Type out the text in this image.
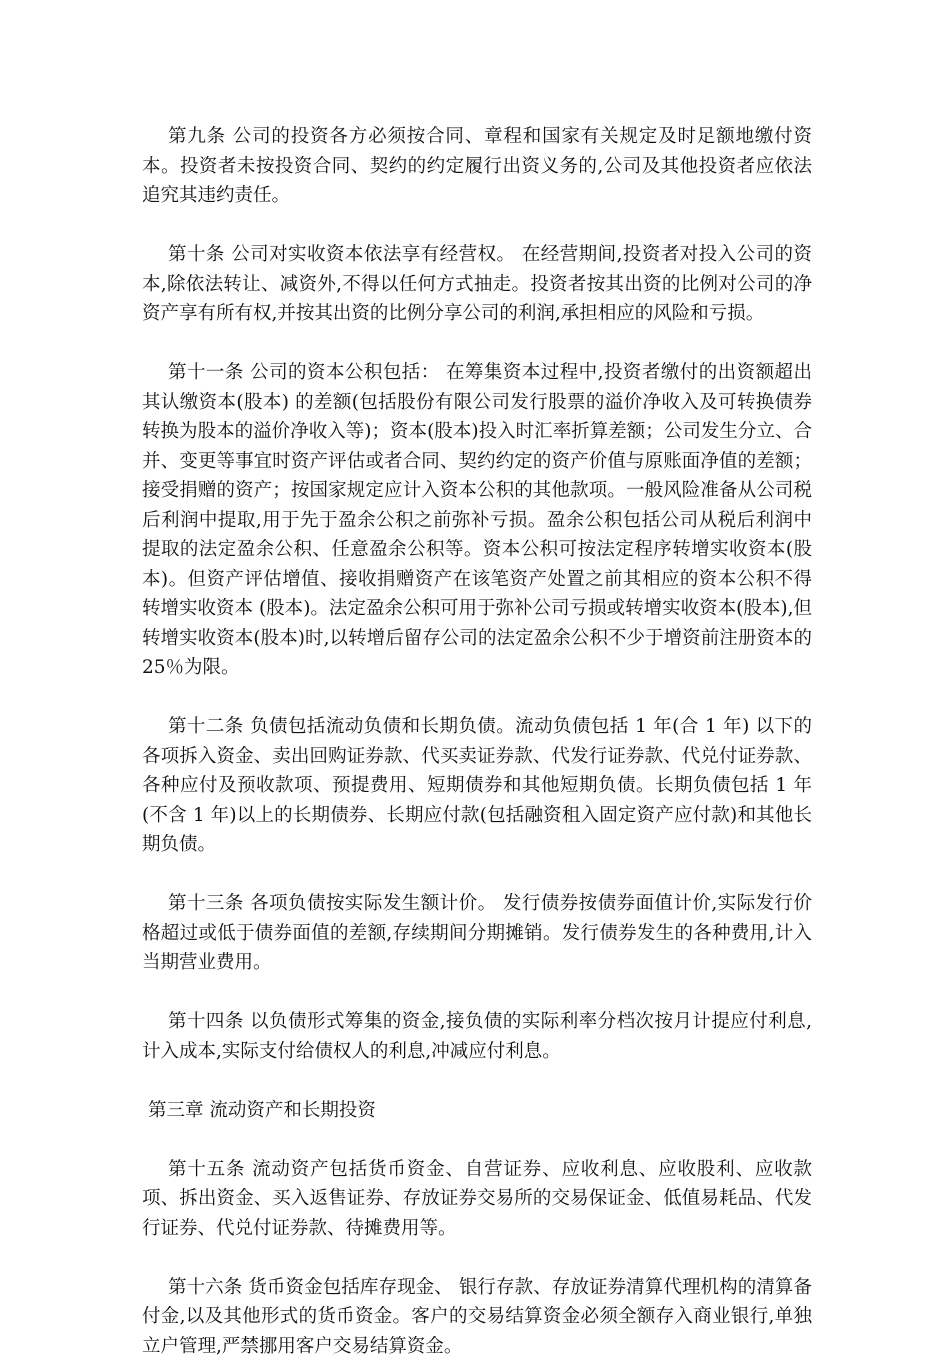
第九条 公司的投资各方必须按合同、章程和国家有关规定及时足额地缴付资本。投资者未按投资合同、契约的约定履行出资义务的,公司及其他投资者应依法追究其违约责任。

第十条 公司对实收资本依法享有经营权。 在经营期间,投资者对投入公司的资本,除依法转让、减资外,不得以任何方式抽走。投资者按其出资的比例对公司的净资产享有所有权,并按其出资的比例分享公司的利润,承担相应的风险和亏损。

第十一条 公司的资本公积包括： 在筹集资本过程中,投资者缴付的出资额超出其认缴资本(股本) 的差额(包括股份有限公司发行股票的溢价净收入及可转换债券转换为股本的溢价净收入等)；资本(股本)投入时汇率折算差额；公司发生分立、合并、变更等事宜时资产评估或者合同、契约约定的资产价值与原账面净值的差额；接受捐赠的资产；按国家规定应计入资本公积的其他款项。一般风险准备从公司税后利润中提取,用于先于盈余公积之前弥补亏损。盈余公积包括公司从税后利润中提取的法定盈余公积、任意盈余公积等。资本公积可按法定程序转增实收资本(股本)。但资产评估增值、接收捐赠资产在该笔资产处置之前其相应的资本公积不得转增实收资本 (股本)。法定盈余公积可用于弥补公司亏损或转增实收资本(股本),但转增实收资本(股本)时,以转增后留存公司的法定盈余公积不少于增资前注册资本的 25％为限。

第十二条 负债包括流动负债和长期负债。流动负债包括 1 年(合 1 年) 以下的各项拆入资金、卖出回购证券款、代买卖证券款、代发行证券款、代兑付证券款、各种应付及预收款项、预提费用、短期债券和其他短期负债。长期负债包括 1 年(不含 1 年)以上的长期债券、长期应付款(包括融资租入固定资产应付款)和其他长期负债。

第十三条 各项负债按实际发生额计价。 发行债券按债券面值计价,实际发行价格超过或低于债券面值的差额,存续期间分期摊销。发行债券发生的各种费用,计入当期营业费用。

第十四条 以负债形式筹集的资金,接负债的实际利率分档次按月计提应付利息,计入成本,实际支付给债权人的利息,冲减应付利息。

第三章 流动资产和长期投资

第十五条 流动资产包括货币资金、自营证券、应收利息、应收股利、应收款项、拆出资金、买入返售证券、存放证券交易所的交易保证金、低值易耗品、代发行证券、代兑付证券款、待摊费用等。

第十六条 货币资金包括库存现金、 银行存款、存放证券清算代理机构的清算备付金,以及其他形式的货币资金。客户的交易结算资金必须全额存入商业银行,单独立户管理,严禁挪用客户交易结算资金。
